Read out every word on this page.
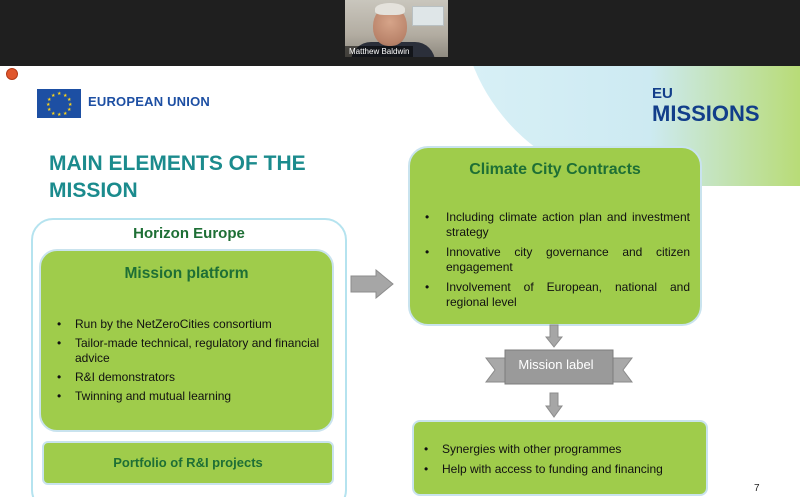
Matthew Baldwin
★ ★
★
★
★
★
★
★
★
★
★
★	EUROPEAN UNION	EU
MISSIONS
MAIN ELEMENTS OF THE MISSION
Horizon Europe
Mission platform
• Run by the NetZeroCities consortium
• Tailor-made technical, regulatory and financial advice
• R&I demonstrators
• Twinning and mutual learning
Portfolio of R&I projects
Climate City Contracts
• Including climate action plan and investment strategy
• Innovative city governance and citizen engagement
• Involvement of European, national and regional level
Mission label
• Synergies with other programmes
• Help with access to funding and financing
7
